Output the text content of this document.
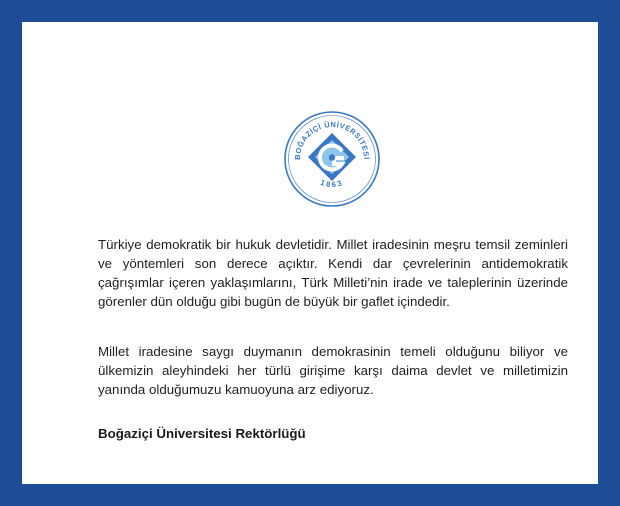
BOĞAZİÇİ ÜNİVERSİTESİ
1863

Türkiye demokratik bir hukuk devletidir. Millet iradesinin meşru temsil zeminleri ve yöntemleri son derece açıktır. Kendi dar çevrelerinin antidemokratik çağrışımlar içeren yaklaşımlarını, Türk Milleti’nin irade ve taleplerinin üzerinde görenler dün olduğu gibi bugün de büyük bir gaflet içindedir.

Millet iradesine saygı duymanın demokrasinin temeli olduğunu biliyor ve ülkemizin aleyhindeki her türlü girişime karşı daima devlet ve milletimizin yanında olduğumuzu kamuoyuna arz ediyoruz.

Boğaziçi Üniversitesi Rektörlüğü
